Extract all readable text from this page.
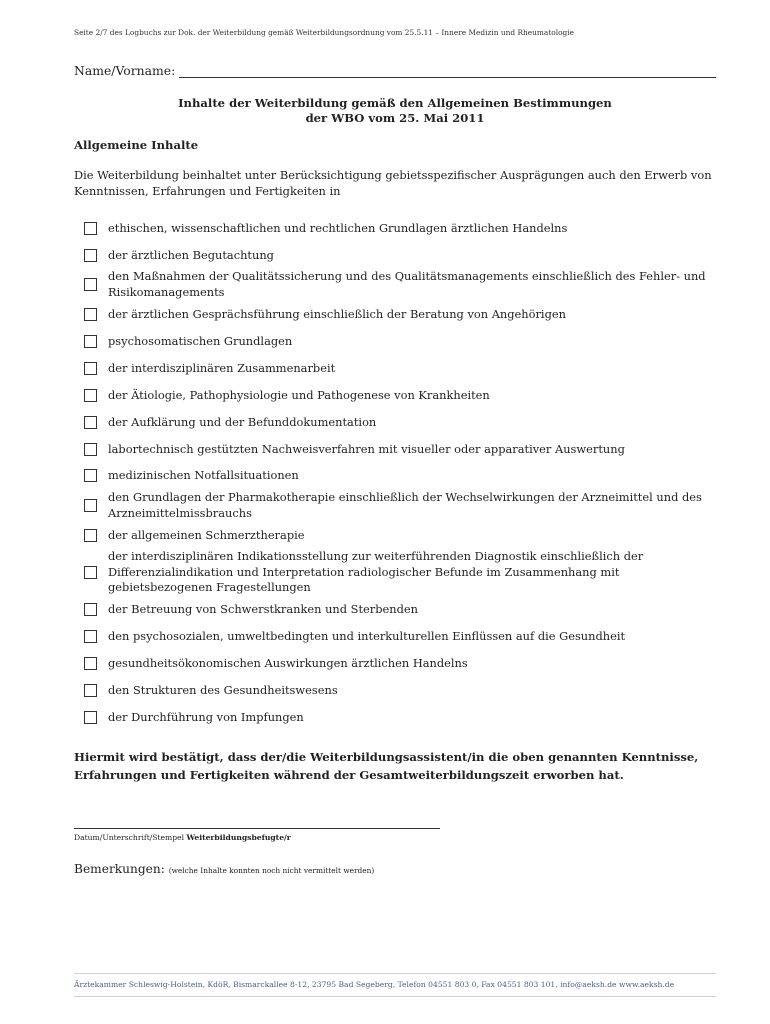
Seite 2/7 des Logbuchs zur Dok. der Weiterbildung gemäß Weiterbildungsordnung vom 25.5.11 – Innere Medizin und Rheumatologie
Name/Vorname:
Inhalte der Weiterbildung gemäß den Allgemeinen Bestimmungen
der WBO vom 25. Mai 2011
Allgemeine Inhalte
Die Weiterbildung beinhaltet unter Berücksichtigung gebietsspezifischer Ausprägungen auch den Erwerb von Kenntnissen, Erfahrungen und Fertigkeiten in
ethischen, wissenschaftlichen und rechtlichen Grundlagen ärztlichen Handelns
der ärztlichen Begutachtung
den Maßnahmen der Qualitätssicherung und des Qualitätsmanagements einschließlich des Fehler- und Risikomanagements
der ärztlichen Gesprächsführung einschließlich der Beratung von Angehörigen
psychosomatischen Grundlagen
der interdisziplinären Zusammenarbeit
der Ätiologie, Pathophysiologie und Pathogenese von Krankheiten
der Aufklärung und der Befunddokumentation
labortechnisch gestützten Nachweisverfahren mit visueller oder apparativer Auswertung
medizinischen Notfallsituationen
den Grundlagen der Pharmakotherapie einschließlich der Wechselwirkungen der Arzneimittel und des Arzneimittelmissbrauchs
der allgemeinen Schmerztherapie
der interdisziplinären Indikationsstellung zur weiterführenden Diagnostik einschließlich der Differenzialindikation und Interpretation radiologischer Befunde im Zusammenhang mit gebietsbezogenen Fragestellungen
der Betreuung von Schwerstkranken und Sterbenden
den psychosozialen, umweltbedingten und interkulturellen Einflüssen auf die Gesundheit
gesundheitsökonomischen Auswirkungen ärztlichen Handelns
den Strukturen des Gesundheitswesens
der Durchführung von Impfungen
Hiermit wird bestätigt, dass der/die Weiterbildungsassistent/in die oben genannten Kenntnisse, Erfahrungen und Fertigkeiten während der Gesamtweiterbildungszeit erworben hat.
Datum/Unterschrift/Stempel Weiterbildungsbefugte/r
Bemerkungen: (welche Inhalte konnten noch nicht vermittelt werden)
Ärztekammer Schleswig-Holstein, KdöR, Bismarckallee 8-12, 23795 Bad Segeberg, Telefon 04551 803 0, Fax 04551 803 101, info@aeksh.de www.aeksh.de
